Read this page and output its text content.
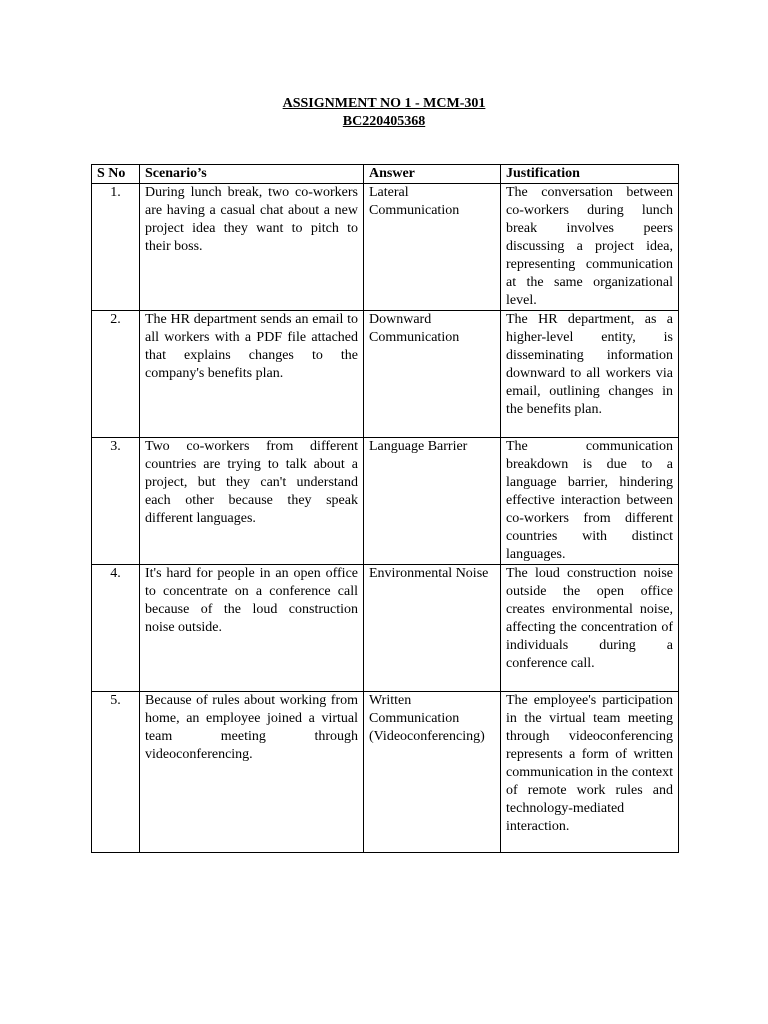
ASSIGNMENT NO 1 - MCM-301
BC220405368
S No	Scenario’s	Answer	Justification
1.	During lunch break, two co-workers are having a casual chat about a new project idea they want to pitch to their boss.	Lateral Communication	The conversation between co-workers during lunch break involves peers discussing a project idea, representing communication at the same organizational level.
2.	The HR department sends an email to all workers with a PDF file attached that explains changes to the company's benefits plan.	Downward Communication	The HR department, as a higher-level entity, is disseminating information downward to all workers via email, outlining changes in the benefits plan.
3.	Two co-workers from different countries are trying to talk about a project, but they can't understand each other because they speak different languages.	Language Barrier	The communication breakdown is due to a language barrier, hindering effective interaction between co-workers from different countries with distinct languages.
4.	It's hard for people in an open office to concentrate on a conference call because of the loud construction noise outside.	Environmental Noise	The loud construction noise outside the open office creates environmental noise, affecting the concentration of individuals during a conference call.
5.	Because of rules about working from home, an employee joined a virtual team meeting through videoconferencing.	Written Communication (Videoconferencing)	The employee's participation in the virtual team meeting through videoconferencing represents a form of written communication in the context of remote work rules and technology-mediated interaction.
